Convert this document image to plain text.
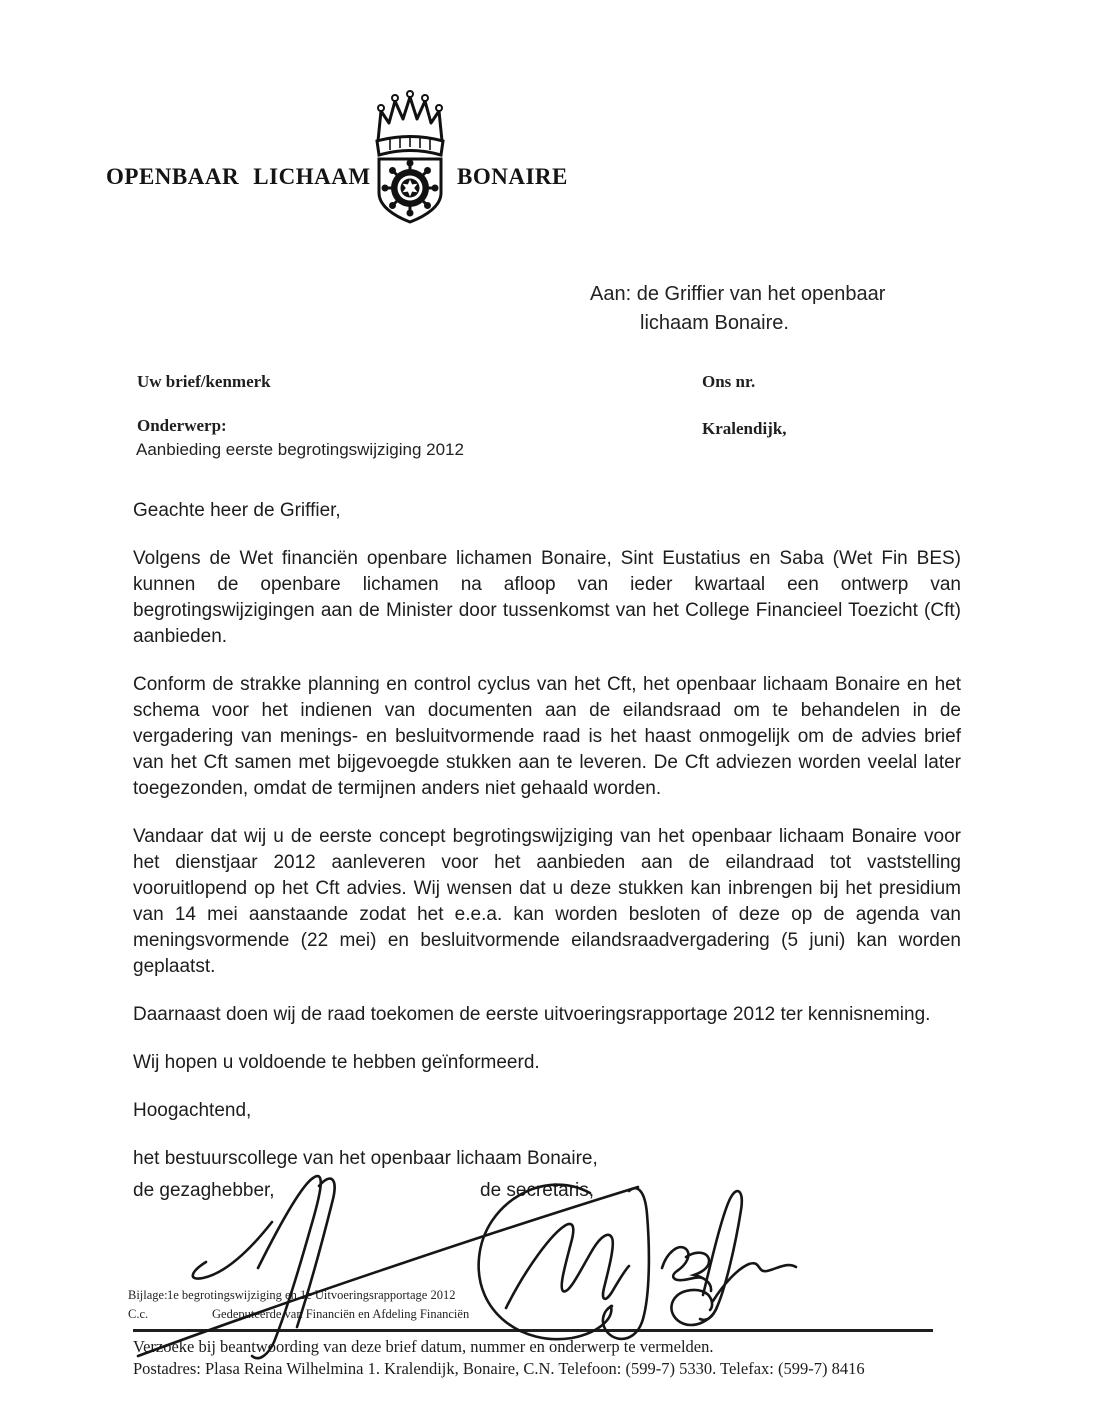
OPENBAAR LICHAAM	BONAIRE
Aan: de Griffier van het openbaar
lichaam Bonaire.
Uw brief/kenmerk	Ons nr.
Onderwerp:	Kralendijk,
Aanbieding eerste begrotingswijziging 2012

Geachte heer de Griffier,

Volgens de Wet financiën openbare lichamen Bonaire, Sint Eustatius en Saba (Wet Fin BES) kunnen de openbare lichamen na afloop van ieder kwartaal een ontwerp van begrotingswijzigingen aan de Minister door tussenkomst van het College Financieel Toezicht (Cft) aanbieden.

Conform de strakke planning en control cyclus van het Cft, het openbaar lichaam Bonaire en het schema voor het indienen van documenten aan de eilandsraad om te behandelen in de vergadering van menings- en besluitvormende raad is het haast onmogelijk om de advies brief van het Cft samen met bijgevoegde stukken aan te leveren. De Cft adviezen worden veelal later toegezonden, omdat de termijnen anders niet gehaald worden.

Vandaar dat wij u de eerste concept begrotingswijziging van het openbaar lichaam Bonaire voor het dienstjaar 2012 aanleveren voor het aanbieden aan de eilandraad tot vaststelling vooruitlopend op het Cft advies. Wij wensen dat u deze stukken kan inbrengen bij het presidium van 14 mei aanstaande zodat het e.e.a. kan worden besloten of deze op de agenda van meningsvormende (22 mei) en besluitvormende eilandsraadvergadering (5 juni) kan worden geplaatst.

Daarnaast doen wij de raad toekomen de eerste uitvoeringsrapportage 2012 ter kennisneming.

Wij hopen u voldoende te hebben geïnformeerd.

Hoogachtend,

het bestuurscollege van het openbaar lichaam Bonaire,

de gezaghebber,	de secretaris,
Bijlage:1e begrotingswijziging en 1e Uitvoeringsrapportage 2012
C.c.	Gedeputeerde van Financiën en Afdeling Financiën
Verzoeke bij beantwoording van deze brief datum, nummer en onderwerp te vermelden.
Postadres: Plasa Reina Wilhelmina 1. Kralendijk, Bonaire, C.N. Telefoon: (599-7) 5330. Telefax: (599-7) 8416
